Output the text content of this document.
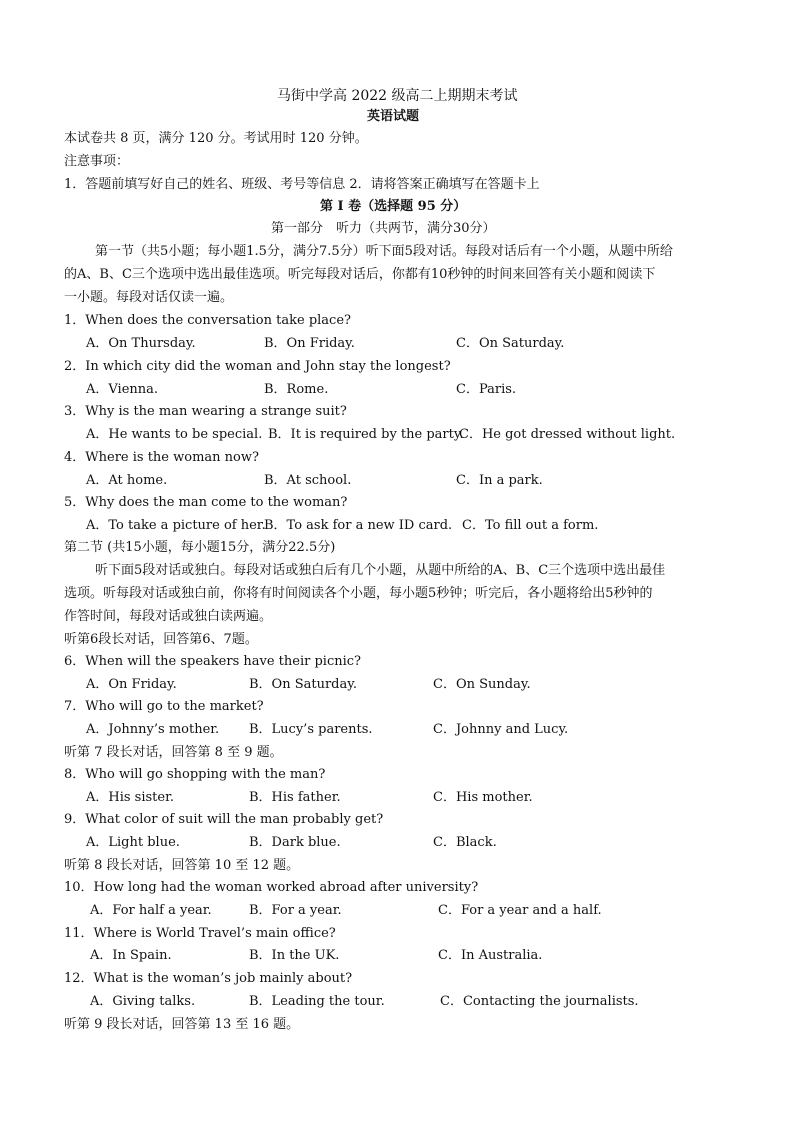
马街中学高 2022 级高二上期期末考试
英语试题
本试卷共 8 页，满分 120 分。考试用时 120 分钟。
注意事项：
1．答题前填写好自己的姓名、班级、考号等信息 2．请将答案正确填写在答题卡上
第 I 卷（选择题 95 分）
第一部分　听力（共两节，满分30分）
第一节（共5小题；每小题1.5分，满分7.5分）听下面5段对话。每段对话后有一个小题，从题中所给
的A、B、C三个选项中选出最佳选项。听完每段对话后，你都有10秒钟的时间来回答有关小题和阅读下
一小题。每段对话仅读一遍。
1．When does the conversation take place?
A．On Thursday.	B．On Friday.	C．On Saturday.
2．In which city did the woman and John stay the longest?
A．Vienna.	B．Rome.	C．Paris.
3．Why is the man wearing a strange suit?
A．He wants to be special. B．It is required by the party.
C．He got dressed without light.
4．Where is the woman now?
A．At home.	B．At school.	C．In a park.
5．Why does the man come to the woman?
A．To take a picture of her.
B．To ask for a new ID card. C．To fill out a form.
第二节 (共15小题，每小题15分，满分22.5分)
听下面5段对话或独白。每段对话或独白后有几个小题，从题中所给的A、B、C三个选项中选出最佳
选项。听每段对话或独白前，你将有时间阅读各个小题，每小题5秒钟；听完后，各小题将给出5秒钟的
作答时间，每段对话或独白读两遍。
听第6段长对话，回答第6、7题。
6．When will the speakers have their picnic?
A．On Friday.	B．On Saturday.	C．On Sunday.
7．Who will go to the market?
A．Johnny’s mother. B．Lucy’s parents.	C．Johnny and Lucy.
听第 7 段长对话，回答第 8 至 9 题。
8．Who will go shopping with the man?
A．His sister.	B．His father.	C．His mother.
9．What color of suit will the man probably get?
A．Light blue.	B．Dark blue.	C．Black.
听第 8 段长对话，回答第 10 至 12 题。
10．How long had the woman worked abroad after university?
A．For half a year.	B．For a year.	C．For a year and a half.
11．Where is World Travel’s main office?
A．In Spain.	B．In the UK.	C．In Australia.
12．What is the woman’s job mainly about?
A．Giving talks.	B．Leading the tour.	C．Contacting the journalists.
听第 9 段长对话，回答第 13 至 16 题。
